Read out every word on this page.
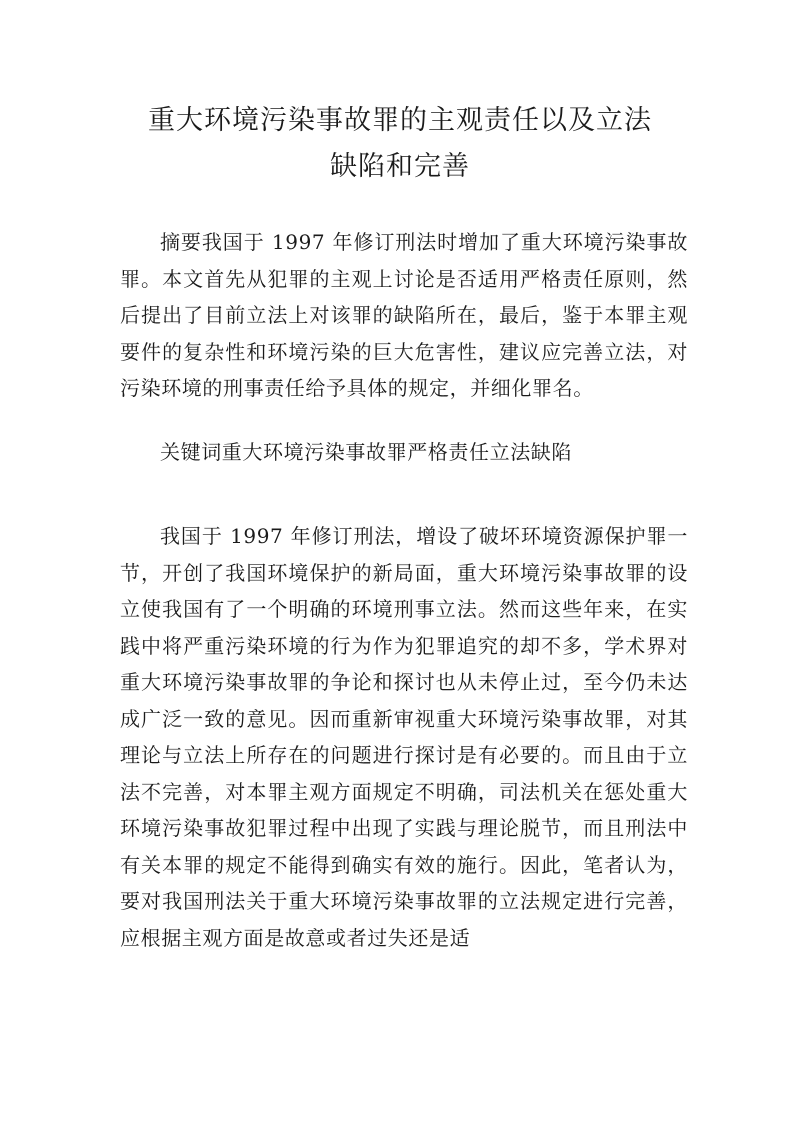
重大环境污染事故罪的主观责任以及立法
缺陷和完善

摘要我国于 1997 年修订刑法时增加了重大环境污染事故罪。本文首先从犯罪的主观上讨论是否适用严格责任原则，然后提出了目前立法上对该罪的缺陷所在，最后，鉴于本罪主观要件的复杂性和环境污染的巨大危害性，建议应完善立法，对污染环境的刑事责任给予具体的规定，并细化罪名。

关键词重大环境污染事故罪严格责任立法缺陷

我国于 1997 年修订刑法，增设了破坏环境资源保护罪一节，开创了我国环境保护的新局面，重大环境污染事故罪的设立使我国有了一个明确的环境刑事立法。然而这些年来，在实践中将严重污染环境的行为作为犯罪追究的却不多，学术界对重大环境污染事故罪的争论和探讨也从未停止过，至今仍未达成广泛一致的意见。因而重新审视重大环境污染事故罪，对其理论与立法上所存在的问题进行探讨是有必要的。而且由于立法不完善，对本罪主观方面规定不明确，司法机关在惩处重大环境污染事故犯罪过程中出现了实践与理论脱节，而且刑法中有关本罪的规定不能得到确实有效的施行。因此，笔者认为，要对我国刑法关于重大环境污染事故罪的立法规定进行完善，应根据主观方面是故意或者过失还是适
